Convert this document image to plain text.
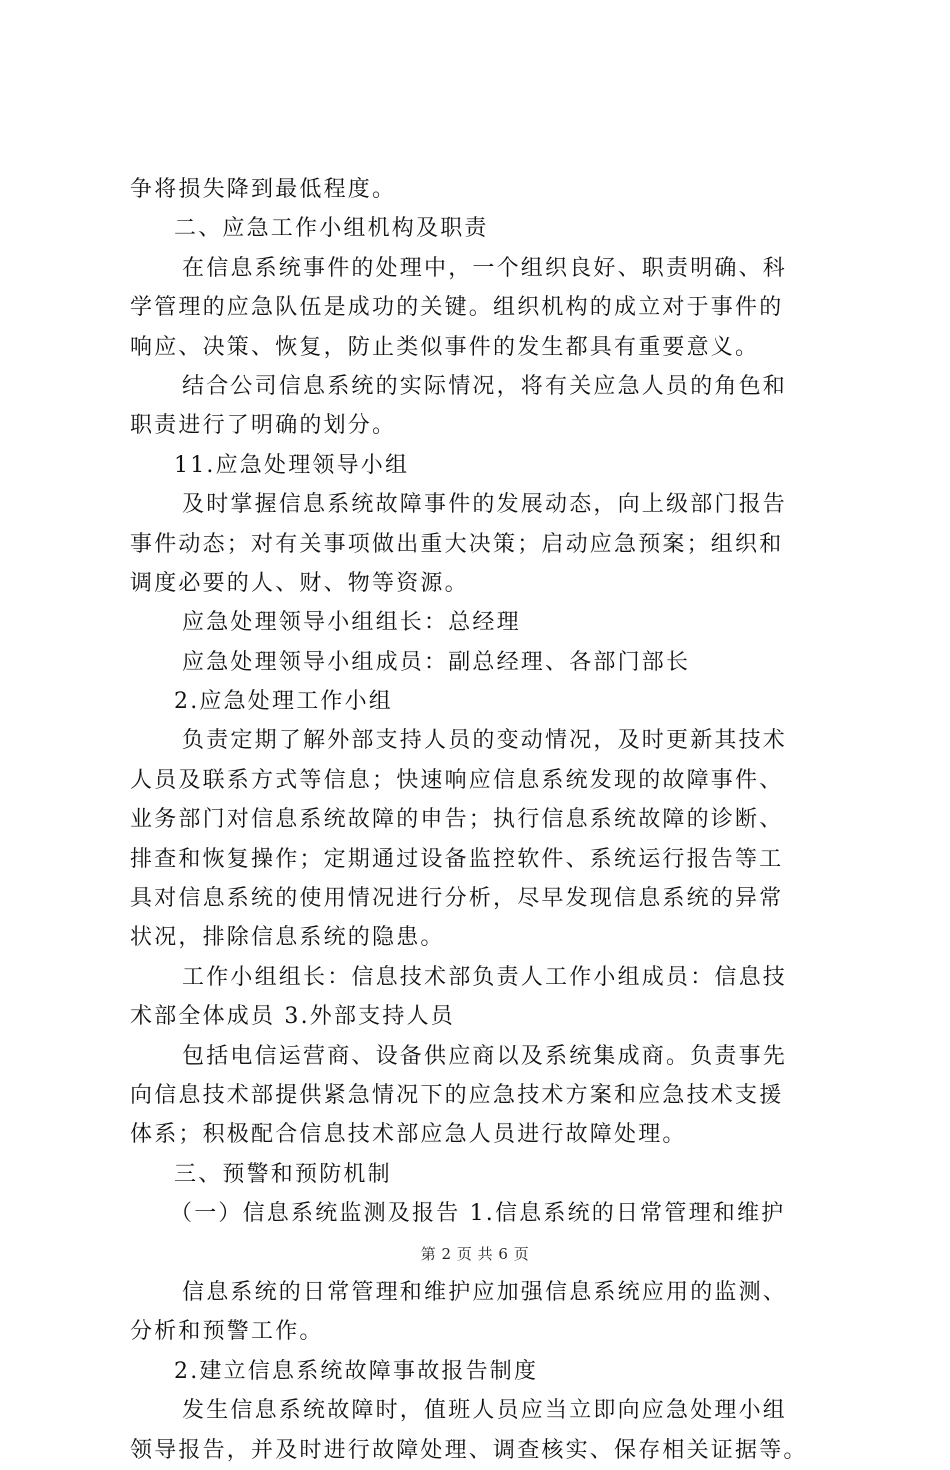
争将损失降到最低程度。
二、应急工作小组机构及职责
在信息系统事件的处理中，一个组织良好、职责明确、科
学管理的应急队伍是成功的关键。组织机构的成立对于事件的
响应、决策、恢复，防止类似事件的发生都具有重要意义。
结合公司信息系统的实际情况，将有关应急人员的角色和
职责进行了明确的划分。
11.应急处理领导小组
及时掌握信息系统故障事件的发展动态，向上级部门报告
事件动态；对有关事项做出重大决策；启动应急预案；组织和
调度必要的人、财、物等资源。
应急处理领导小组组长：总经理
应急处理领导小组成员：副总经理、各部门部长
2.应急处理工作小组
负责定期了解外部支持人员的变动情况，及时更新其技术
人员及联系方式等信息；快速响应信息系统发现的故障事件、
业务部门对信息系统故障的申告；执行信息系统故障的诊断、
排查和恢复操作；定期通过设备监控软件、系统运行报告等工
具对信息系统的使用情况进行分析，尽早发现信息系统的异常
状况，排除信息系统的隐患。
工作小组组长：信息技术部负责人工作小组成员：信息技
术部全体成员 3.外部支持人员
包括电信运营商、设备供应商以及系统集成商。负责事先
向信息技术部提供紧急情况下的应急技术方案和应急技术支援
体系；积极配合信息技术部应急人员进行故障处理。
三、预警和预防机制
（一）信息系统监测及报告 1.信息系统的日常管理和维护
信息系统的日常管理和维护应加强信息系统应用的监测、
分析和预警工作。
2.建立信息系统故障事故报告制度
发生信息系统故障时，值班人员应当立即向应急处理小组
领导报告，并及时进行故障处理、调查核实、保存相关证据等。
第 2 页 共 6 页
